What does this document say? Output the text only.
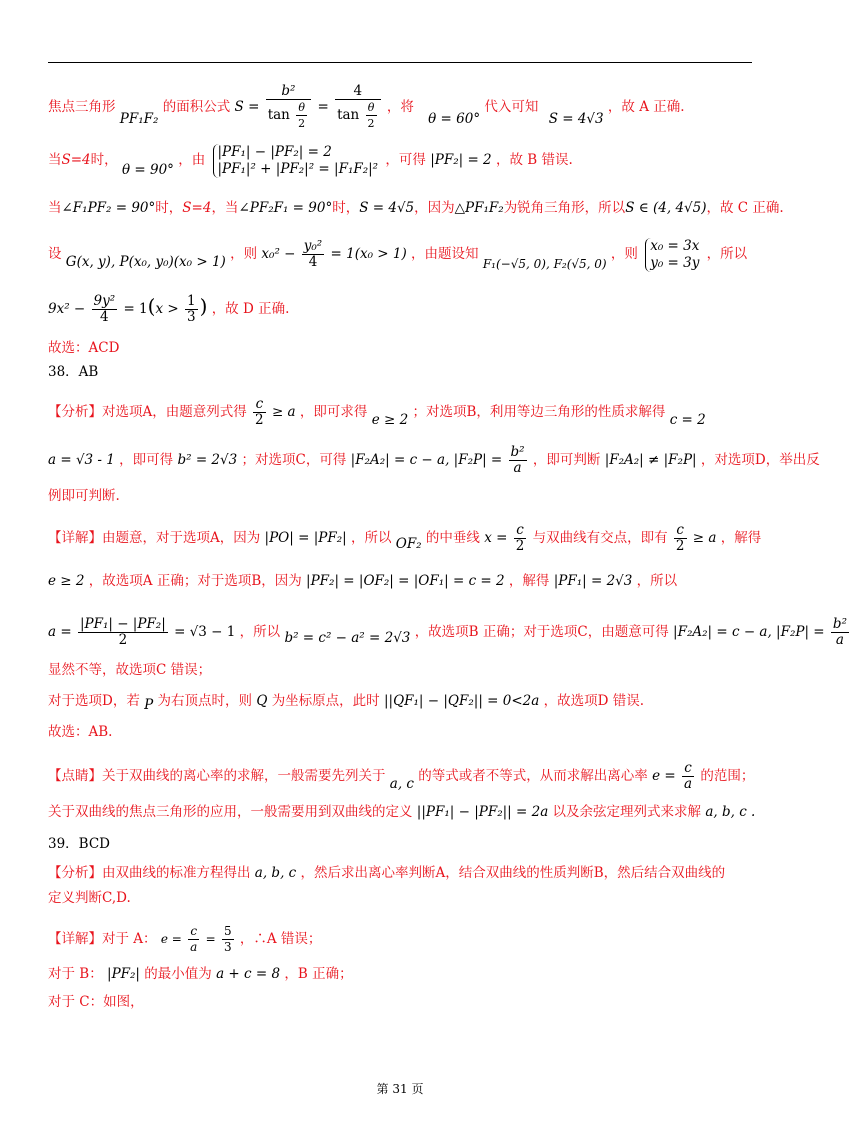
焦点三角形 PF₁F₂ 的面积公式 $S = \frac{\text{b²}}{\tan \frac{\theta}{2}} = \frac{4}{\tan \frac{\theta}{2}}$ ，将 θ = 60° 代入可知 S = 4√3 ，故 A 正确.
当S=4时， θ = 90° ，由
|PF₁| − |PF₂| = 2
|PF₁|² + |PF₂|² = |F₁F₂|²
，可得 |PF₂| = 2 ，故 B 错误.
当∠F₁PF₂ = 90°时，S=4，当∠PF₂F₁ = 90°时，S = 4√5，因为△PF₁F₂为锐角三角形，所以S ∈ (4, 4√5)，故 C 正确.
设 G(x, y), P(x₀, y₀)(x₀ > 1) ，则 $x_0^2 - \frac{\text{y₀²}}{4} = 1(x_0 > 1)$ ，由题设知 F₁(−√5, 0), F₂(√5, 0) ，则
x₀ = 3x
y₀ = 3y
，所以
$9x^2 - \frac{\text{9y²}}{4} = 1(x > \frac{1}{3}$ ) ，故 D 正确.
故选：ACD
38．AB
【分析】对选项A，由题意列式得 $\frac{c}{2} \ge a$ ，即可求得 e ≥ 2 ；对选项B，利用等边三角形的性质求解得 c = 2
a = √3 - 1 ，即可得 b² = 2√3 ；对选项C，可得 |F₂A₂| = c − a, $|F_2P| = \frac{\text{b²}}{a}$ ，即可判断 |F₂A₂| ≠ |F₂P| ，对选项D，举出反
例即可判断.
【详解】由题意，对于选项A，因为 |PO| = |PF₂| ，所以 OF₂ 的中垂线 $x = \frac{c}{2}$ 与双曲线有交点，即有 $\frac{c}{2} \ge a$ ，解得
e ≥ 2 ，故选项A 正确；对于选项B，因为 |PF₂| = |OF₂| = |OF₁| = c = 2 ，解得 |PF₁| = 2√3 ，所以
$a = \frac{\text{|PF₁| − |PF₂|}}{2} = √3 - 1$ ，所以 b² = c² − a² = 2√3 ，故选项B 正确；对于选项C，由题意可得 |F₂A₂| = c − a, $|F_2P| = \frac{\text{b²}}{a}$
显然不等，故选项C 错误；
对于选项D，若 P 为右顶点时，则 Q 为坐标原点，此时 ||QF₁| − |QF₂|| = 0<2a ，故选项D 错误.
故选：AB.
【点睛】关于双曲线的离心率的求解，一般需要先列关于 a, c 的等式或者不等式，从而求解出离心率 $e = \frac{c}{a}$ 的范围；
关于双曲线的焦点三角形的应用，一般需要用到双曲线的定义 ||PF₁| − |PF₂|| = 2a 以及余弦定理列式来求解 a, b, c .
39．BCD
【分析】由双曲线的标准方程得出 a, b, c ，然后求出离心率判断A，结合双曲线的性质判断B，然后结合双曲线的
定义判断C,D.
【详解】对于 A： $e = \frac{c}{a} = \frac{5}{3}$ ，∴A 错误；
对于 B： |PF₂| 的最小值为 a + c = 8 ，B 正确；
对于 C：如图，
第 31 页
